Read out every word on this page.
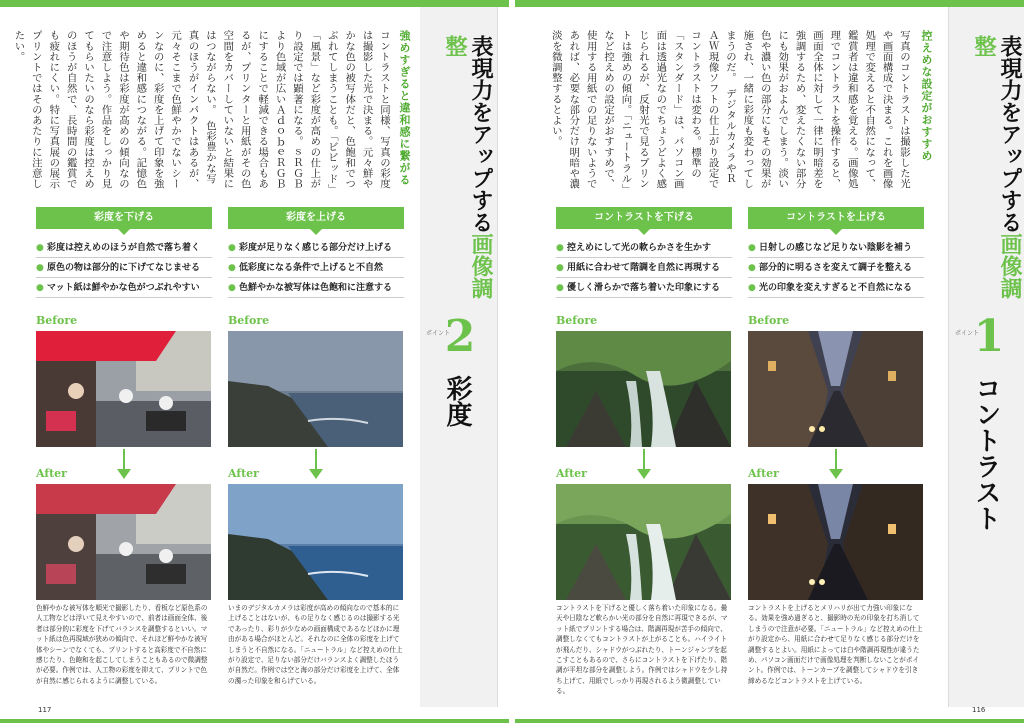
表現力をアップする画像調整
ポイント
1
コントラスト
控えめな設定がおすすめ
写真のコントラストは撮影した光や画面構成で決まる。これを画像処理で変えると不自然になって、鑑賞者は違和感を覚える。画像処理でコントラストを操作すると、画面全体に対して一律に明暗差を強調するため、変えたくない部分にも効果がおよんでしまう。淡い色や濃い色の部分にもその効果が施され、一緒に彩度も変わってしまうのだ。　デジタルカメラやＲＡＷ現像ソフトの仕上がり設定でコントラストは変わる。標準の「スタンダード」は、パソコン画面は透過光なのでちょうどよく感じられるが、反射光で見るプリントは強めの傾向。「ニュートラル」など控えめの設定がおすすめで、使用する用紙での足りないようであれば、必要な部分だけ明暗や濃淡を微調整するとよい。
コントラストを下げる
● 控えめにして光の軟らかさを生かす
● 用紙に合わせて階調を自然に再現する
● 優しく滑らかで落ち着いた印象にする
Before
After
コントラストを下げると優しく落ち着いた印象になる。曇天や日陰など軟らかい光の部分を自然に再現できるが、マット紙でプリントする場合は、階調再現が苦手の傾向で、調整しなくてもコントラストが上がることも。ハイライトが飛んだり、シャドウがつぶれたり、トーンジャンプを起こすこともあるので、さらにコントラストを下げたり、階調が平坦な部分を調整しよう。作例ではシャドウを少し持ち上げて、用紙でしっかり再現されるよう微調整している。
コントラストを上げる
● 日射しの感じなど足りない陰影を補う
● 部分的に明るさを変えて調子を整える
● 光の印象を変えすぎると不自然になる
Before
After
コントラストを上げるとメリハリが出て力強い印象になる。効果を強め過ぎると、撮影時の光の印象を打ち消してしまうので注意が必要。「ニュートラル」など控えめの仕上がり設定から、用紙に合わせて足りなく感じる部分だけを調整するとよい。用紙によっては白や階調再現性が違うため、パソコン画面だけで画像処理を判断しないことがポイント。作例では、トーンカーブを調整してシャドウを引き締めるなどコントラストを上げている。
表現力をアップする画像調整
ポイント
2
彩度
強めすぎると違和感に繋がる
コントラストと同様、写真の彩度は撮影した光で決まる。元々鮮やかな色の被写体だと、色飽和でつぶれてしまうことも。「ビビッド」「風景」など彩度が高めの仕上がり設定では顕著になる。ｓＲＧＢより色域が広いＡｄｏｂｅＲＧＢにすることで軽減できる場合もあるが、プリンターと用紙がその色空間をカバーしていないと結果にはつながらない。　色彩豊かな写真のほうがインパクトはあるが、元々そこまで色鮮やかでないシーンなのに、彩度を上げて印象を強めると違和感につながる。記憶色や期待色は彩度が高めの傾向なので注意しよう。作品をしっかり見てもらいたいのなら彩度は控えめのほうが自然で、長時間の鑑賞でも疲れにくい。特に写真展の展示プリントではそのあたりに注意したい。
彩度を下げる
● 彩度は控えめのほうが自然で落ち着く
● 原色の物は部分的に下げてなじませる
● マット紙は鮮やかな色がつぶれやすい
Before
After
色鮮やかな被写体を順光で撮影したり、看板など原色系の人工物などは浮いて見えやすいので、前者は画面全体、後者は部分的に彩度を下げてバランスを調整するといい。マット紙は色再現域が狭めの傾向で、それほど鮮やかな被写体やシーンでなくても、プリントすると高彩度で不自然に感じたり、色飽和を起こしてしまうこともあるので微調整が必要。作例では、人工物の彩度を抑えて、プリントで色が自然に感じられるように調整している。
彩度を上げる
● 彩度が足りなく感じる部分だけ上げる
● 低彩度になる条件で上げると不自然
● 色鮮やかな被写体は色飽和に注意する
Before
After
いまのデジタルカメラは彩度が高めの傾向なので基本的に上げることはないが、もの足りなく感じるのは撮影する光であったり、彩りが少なめの画面構成であるなどほかに理由がある場合がほとんど。それなのに全体の彩度を上げてしまうと不自然になる。「ニュートラル」など控えめの仕上がり設定で、足りない部分だけバランスよく調整したほうが自然だ。作例では空と海の部分だけ彩度を上げて、全体の濁った印象を和らげている。
117	116
